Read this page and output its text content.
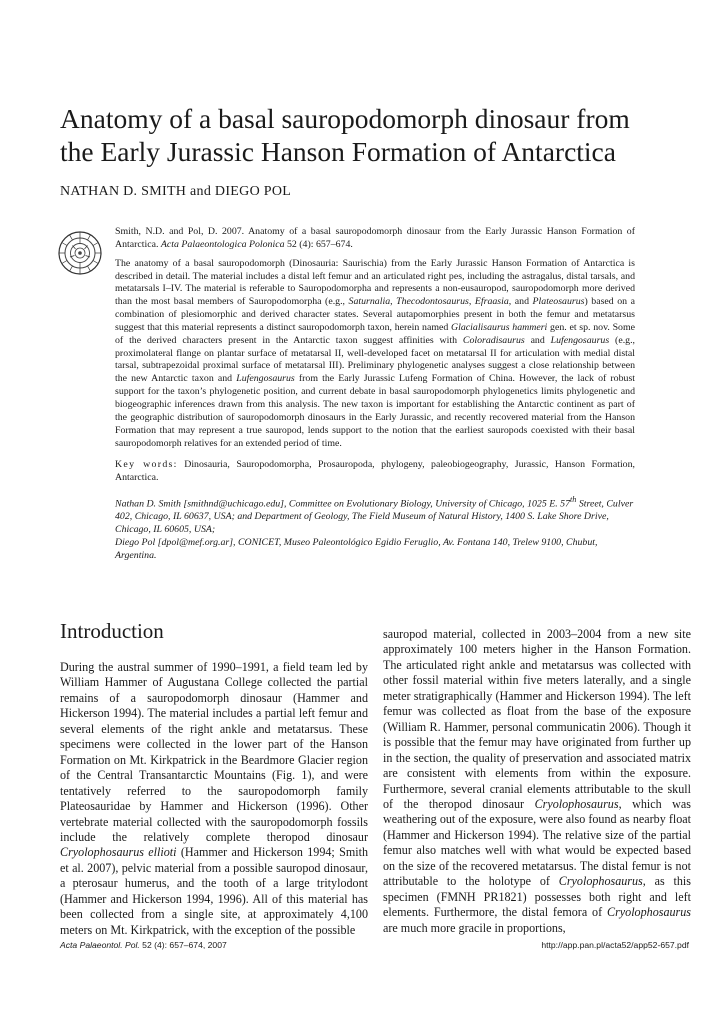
Anatomy of a basal sauropodomorph dinosaur from
the Early Jurassic Hanson Formation of Antarctica
NATHAN D. SMITH and DIEGO POL

Smith, N.D. and Pol, D. 2007. Anatomy of a basal sauropodomorph dinosaur from the Early Jurassic Hanson Formation of Antarctica. Acta Palaeontologica Polonica 52 (4): 657–674.

The anatomy of a basal sauropodomorph (Dinosauria: Saurischia) from the Early Jurassic Hanson Formation of Antarctica is described in detail. The material includes a distal left femur and an articulated right pes, including the astragalus, distal tarsals, and metatarsals I–IV. The material is referable to Sauropodomorpha and represents a non-eusauropod, sauropodomorph more derived than the most basal members of Sauropodomorpha (e.g., Saturnalia, Thecodontosaurus, Efraasia, and Plateosaurus) based on a combination of plesiomorphic and derived character states. Several autapomorphies present in both the femur and metatarsus suggest that this material represents a distinct sauropodomorph taxon, herein named Glacialisaurus hammeri gen. et sp. nov. Some of the derived characters present in the Antarctic taxon suggest affinities with Coloradisaurus and Lufengosaurus (e.g., proximolateral flange on plantar surface of metatarsal II, well-developed facet on metatarsal II for articulation with medial distal tarsal, subtrapezoidal proximal surface of metatarsal III). Preliminary phylogenetic analyses suggest a close relationship between the new Antarctic taxon and Lufengosaurus from the Early Jurassic Lufeng Formation of China. However, the lack of robust support for the taxon’s phylogenetic position, and current debate in basal sauropodomorph phylogenetics limits phylogenetic and biogeographic inferences drawn from this analysis. The new taxon is important for establishing the Antarctic continent as part of the geographic distribution of sauropodomorph dinosaurs in the Early Jurassic, and recently recovered material from the Hanson Formation that may represent a true sauropod, lends support to the notion that the earliest sauropods coexisted with their basal sauropodomorph relatives for an extended period of time.

Key words: Dinosauria, Sauropodomorpha, Prosauropoda, phylogeny, paleobiogeography, Jurassic, Hanson Formation, Antarctica.

Nathan D. Smith [smithnd@uchicago.edu], Committee on Evolutionary Biology, University of Chicago, 1025 E. 57th Street, Culver 402, Chicago, IL 60637, USA; and Department of Geology, The Field Museum of Natural History, 1400 S. Lake Shore Drive, Chicago, IL 60605, USA;

Diego Pol [dpol@mef.org.ar], CONICET, Museo Paleontológico Egidio Feruglio, Av. Fontana 140, Trelew 9100, Chubut, Argentina.

Introduction

During the austral summer of 1990–1991, a field team led by William Hammer of Augustana College collected the partial remains of a sauropodomorph dinosaur (Hammer and Hickerson 1994). The material includes a partial left femur and several elements of the right ankle and metatarsus. These specimens were collected in the lower part of the Hanson Formation on Mt. Kirkpatrick in the Beardmore Glacier region of the Central Transantarctic Mountains (Fig. 1), and were tentatively referred to the sauropodomorph family Plateosauridae by Hammer and Hickerson (1996). Other vertebrate material collected with the sauropodomorph fossils include the relatively complete theropod dinosaur Cryolophosaurus ellioti (Hammer and Hickerson 1994; Smith et al. 2007), pelvic material from a possible sauropod dinosaur, a pterosaur humerus, and the tooth of a large tritylodont (Hammer and Hickerson 1994, 1996). All of this material has been collected from a single site, at approximately 4,100 meters on Mt. Kirkpatrick, with the exception of the possible

sauropod material, collected in 2003–2004 from a new site approximately 100 meters higher in the Hanson Formation. The articulated right ankle and metatarsus was collected with other fossil material within five meters laterally, and a single meter stratigraphically (Hammer and Hickerson 1994). The left femur was collected as float from the base of the exposure (William R. Hammer, personal communicatin 2006). Though it is possible that the femur may have originated from further up in the section, the quality of preservation and associated matrix are consistent with elements from within the exposure. Furthermore, several cranial elements attributable to the skull of the theropod dinosaur Cryolophosaurus, which was weathering out of the exposure, were also found as nearby float (Hammer and Hickerson 1994). The relative size of the partial femur also matches well with what would be expected based on the size of the recovered metatarsus. The distal femur is not attributable to the holotype of Cryolophosaurus, as this specimen (FMNH PR1821) possesses both right and left elements. Furthermore, the distal femora of Cryolophosaurus are much more gracile in proportions,

Acta Palaeontol. Pol. 52 (4): 657–674, 2007	http://app.pan.pl/acta52/app52-657.pdf
